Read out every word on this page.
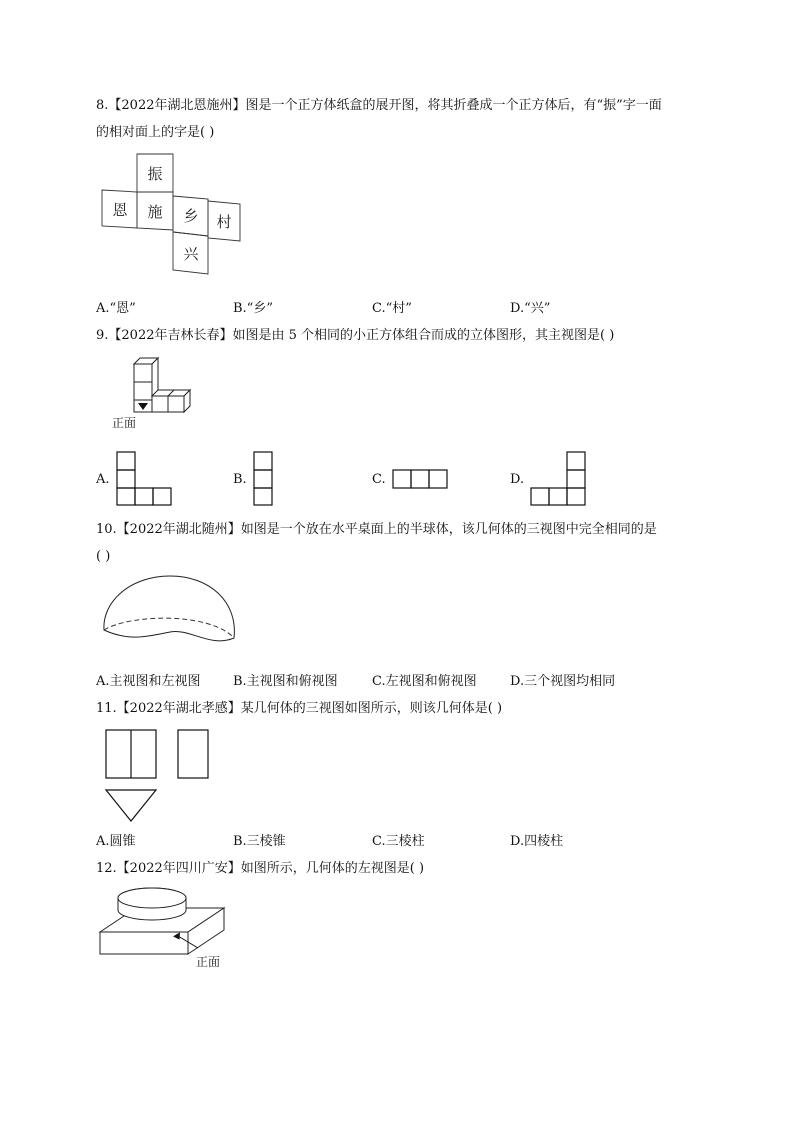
8.【2022年湖北恩施州】图是一个正方体纸盒的展开图，将其折叠成一个正方体后，有“振”字一面
的相对面上的字是( )
振
恩 施 乡 村
兴
A.“恩”	B.“乡”	C.“村”	D.“兴”
9.【2022年吉林长春】如图是由 5 个相同的小正方体组合而成的立体图形，其主视图是( )
正面
A.	B.	C.	D.
10.【2022年湖北随州】如图是一个放在水平桌面上的半球体，该几何体的三视图中完全相同的是
( )
A.主视图和左视图 B.主视图和俯视图	C.左视图和俯视图	D.三个视图均相同
11.【2022年湖北孝感】某几何体的三视图如图所示，则该几何体是( )
A.圆锥	B.三棱锥	C.三棱柱	D.四棱柱
12.【2022年四川广安】如图所示，几何体的左视图是( )
正面
